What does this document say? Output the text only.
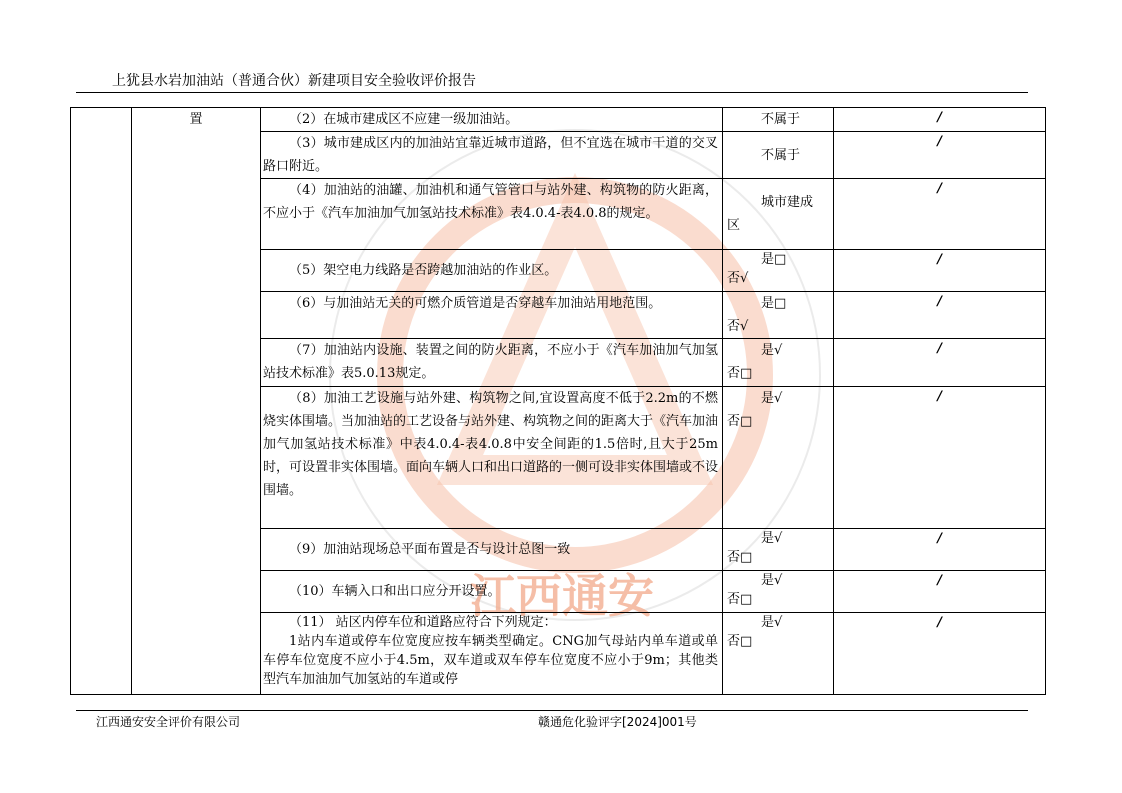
上犹县水岩加油站（普通合伙）新建项目安全验收评价报告
江西通安
	置	（2）在城市建成区不应建一级加油站。	不属于	/

		（3）城市建成区内的加油站宜靠近城市道路，但不宜选在城市干道的交叉路口附近。	不属于	/

		（4）加油站的油罐、加油机和通气管管口与站外建、构筑物的防火距离，不应小于《汽车加油加气加氢站技术标准》表4.0.4-表4.0.8的规定。	城市建成
区	/

		（5）架空电力线路是否跨越加油站的作业区。	是□
否√	/

		（6）与加油站无关的可燃介质管道是否穿越车加油站用地范围。	是□
否√	/

		（7）加油站内设施、装置之间的防火距离，不应小于《汽车加油加气加氢站技术标准》表5.0.13规定。	是√
否□	/

		（8）加油工艺设施与站外建、构筑物之间,宜设置高度不低于2.2m的不燃烧实体围墙。当加油站的工艺设备与站外建、构筑物之间的距离大于《汽车加油加气加氢站技术标准》中表4.0.4-表4.0.8中安全间距的1.5倍时,且大于25m时，可设置非实体围墙。面向车辆人口和出口道路的一侧可设非实体围墙或不设围墙。	是√
否□	/

		（9）加油站现场总平面布置是否与设计总图一致	是√
否□	/

		（10）车辆入口和出口应分开设置。	是√
否□	/

		（11） 站区内停车位和道路应符合下列规定：
1站内车道或停车位宽度应按车辆类型确定。CNG加气母站内单车道或单车停车位宽度不应小于4.5m，双车道或双车停车位宽度不应小于9m；其他类型汽车加油加气加氢站的车道或停	是√
否□	/
江西通安安全评价有限公司	赣通危化验评字[2024]001号
